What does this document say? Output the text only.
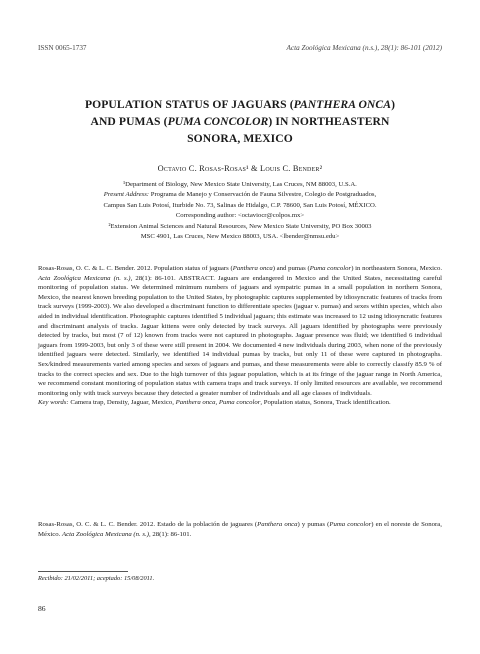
ISSN 0065-1737	Acta Zoológica Mexicana (n.s.), 28(1): 86-101 (2012)
POPULATION STATUS OF JAGUARS (PANTHERA ONCA)
AND PUMAS (PUMA CONCOLOR) IN NORTHEASTERN
SONORA, MEXICO
Octavio C. Rosas-Rosas¹ & Louis C. Bender²
¹Department of Biology, New Mexico State University, Las Cruces, NM 88003, U.S.A.
Present Address: Programa de Manejo y Conservación de Fauna Silvestre, Colegio de Postgraduados,
Campus San Luis Potosí, Iturbide No. 73, Salinas de Hidalgo, C.P. 78600, San Luis Potosí, MÉXICO.
Corresponding author: <octaviocr@colpos.mx>
²Extension Animal Sciences and Natural Resources, New Mexico State University, PO Box 30003
MSC 4901, Las Cruces, New Mexico 88003, USA. <lbender@nmsu.edu>
Rosas-Rosas, O. C. & L. C. Bender. 2012. Population status of jaguars (Panthera onca) and pumas (Puma concolor) in northeastern Sonora, Mexico. Acta Zoológica Mexicana (n. s.), 28(1): 86-101. ABSTRACT. Jaguars are endangered in Mexico and the United States, necessitating careful monitoring of population status. We determined minimum numbers of jaguars and sympatric pumas in a small population in northern Sonora, Mexico, the nearest known breeding population to the United States, by photographic captures supplemented by idiosyncratic features of tracks from track surveys (1999-2003). We also developed a discriminant function to differentiate species (jaguar v. pumas) and sexes within species, which also aided in individual identification. Photographic captures identified 5 individual jaguars; this estimate was increased to 12 using idiosyncratic features and discriminant analysis of tracks. Jaguar kittens were only detected by track surveys. All jaguars identified by photographs were previously detected by tracks, but most (7 of 12) known from tracks were not captured in photographs. Jaguar presence was fluid; we identified 6 individual jaguars from 1999-2003, but only 3 of these were still present in 2004. We documented 4 new individuals during 2003, when none of the previously identified jaguars were detected. Similarly, we identified 14 individual pumas by tracks, but only 11 of these were captured in photographs. Sex/kindred measurements varied among species and sexes of jaguars and pumas, and these measurements were able to correctly classify 85.9 % of tracks to the correct species and sex. Due to the high turnover of this jaguar population, which is at its fringe of the jaguar range in North America, we recommend constant monitoring of population status with camera traps and track surveys. If only limited resources are available, we recommend monitoring only with track surveys because they detected a greater number of individuals and all age classes of individuals.
Key words: Camera trap, Density, Jaguar, Mexico, Panthera onca, Puma concolor, Population status, Sonora, Track identification.
Rosas-Rosas, O. C. & L. C. Bender. 2012. Estado de la población de jaguares (Panthera onca) y pumas (Puma concolor) en el noreste de Sonora, México. Acta Zoológica Mexicana (n. s.), 28(1): 86-101.
Recibido: 21/02/2011; aceptado: 15/08/2011.
86
